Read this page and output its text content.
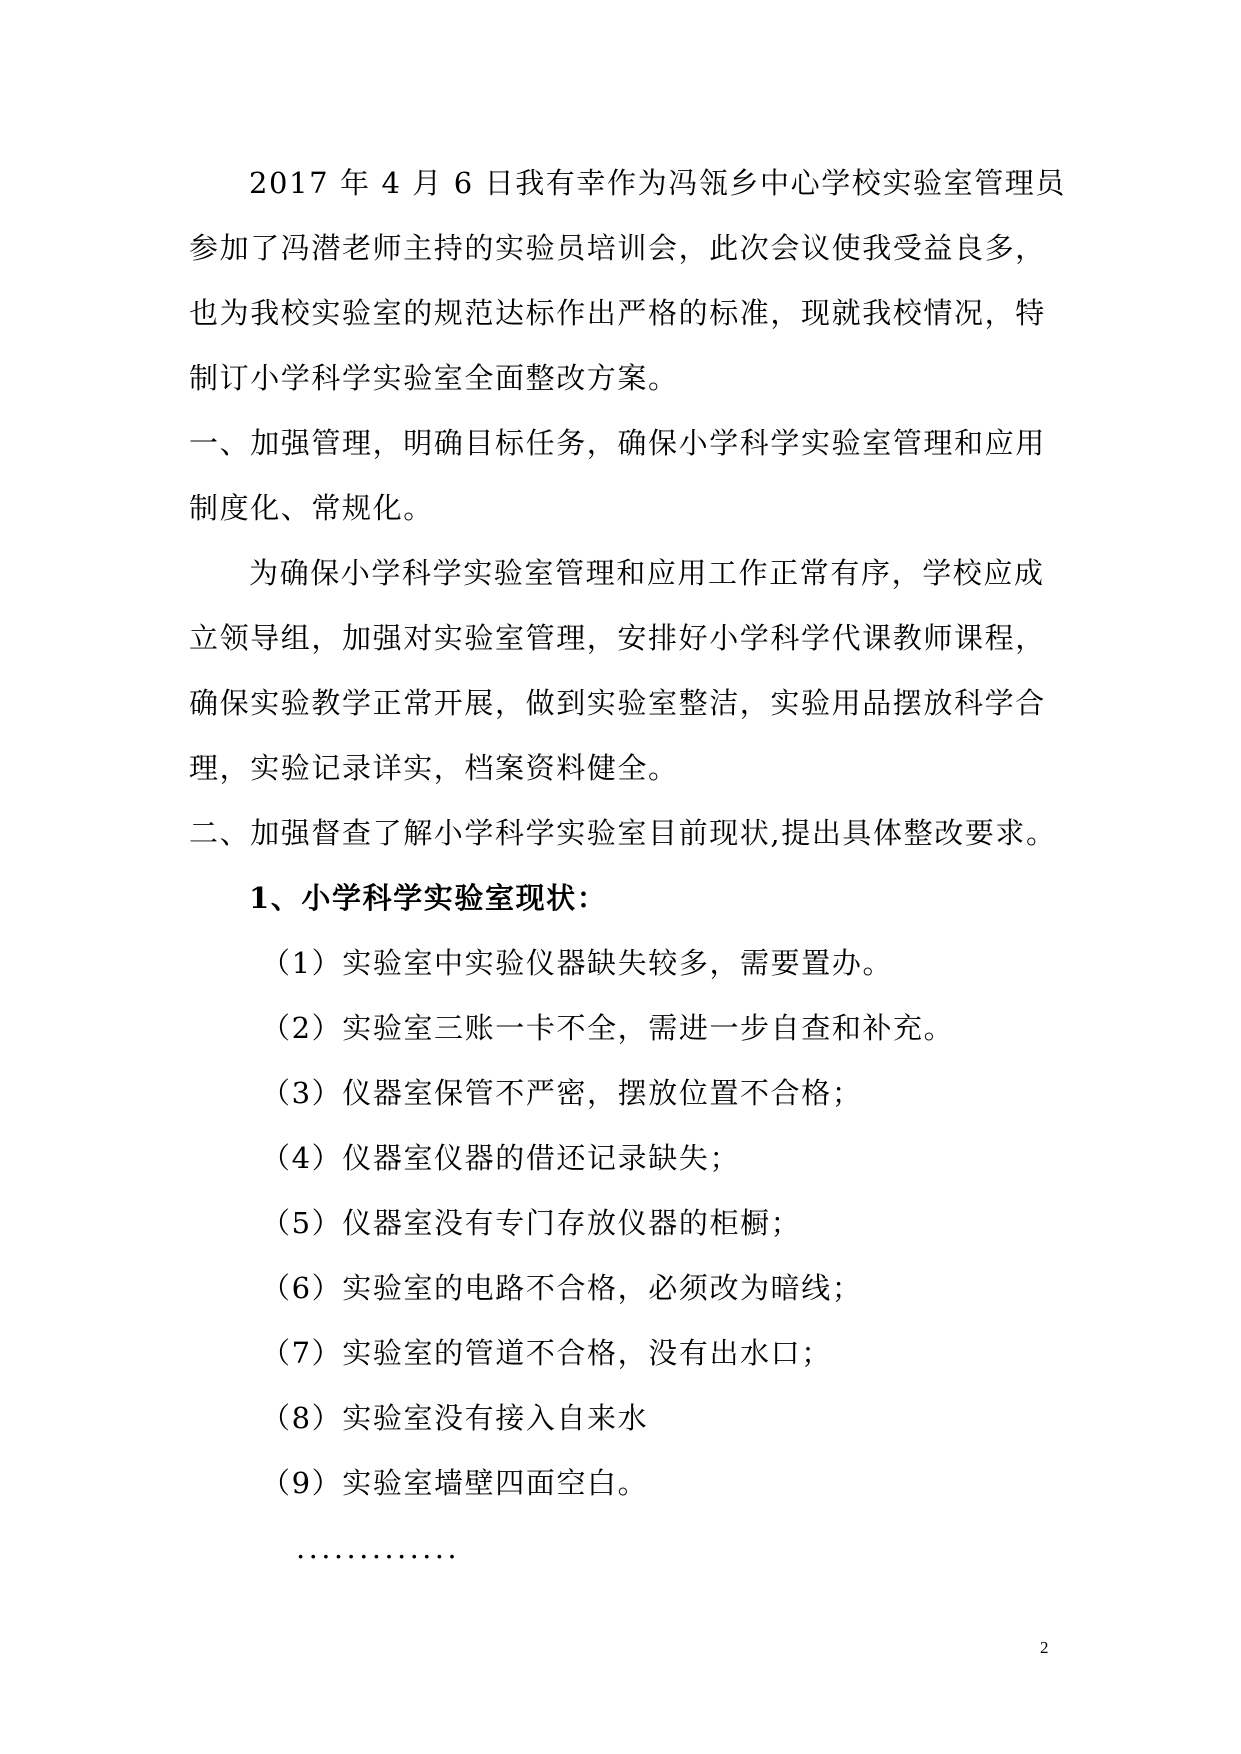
2017 年 4 月 6 日我有幸作为冯瓴乡中心学校实验室管理员
参加了冯潜老师主持的实验员培训会，此次会议使我受益良多，
也为我校实验室的规范达标作出严格的标准，现就我校情况，特
制订小学科学实验室全面整改方案。
一、加强管理，明确目标任务，确保小学科学实验室管理和应用
制度化、常规化。
为确保小学科学实验室管理和应用工作正常有序，学校应成
立领导组，加强对实验室管理，安排好小学科学代课教师课程，
确保实验教学正常开展，做到实验室整洁，实验用品摆放科学合
理，实验记录详实，档案资料健全。
二、加强督查了解小学科学实验室目前现状,提出具体整改要求。
1、小学科学实验室现状：
（1）实验室中实验仪器缺失较多，需要置办。
（2）实验室三账一卡不全，需进一步自查和补充。
（3）仪器室保管不严密，摆放位置不合格；
（4）仪器室仪器的借还记录缺失；
（5）仪器室没有专门存放仪器的柜橱；
（6）实验室的电路不合格，必须改为暗线；
（7）实验室的管道不合格，没有出水口；
（8）实验室没有接入自来水
（9）实验室墙壁四面空白。
.............
2
